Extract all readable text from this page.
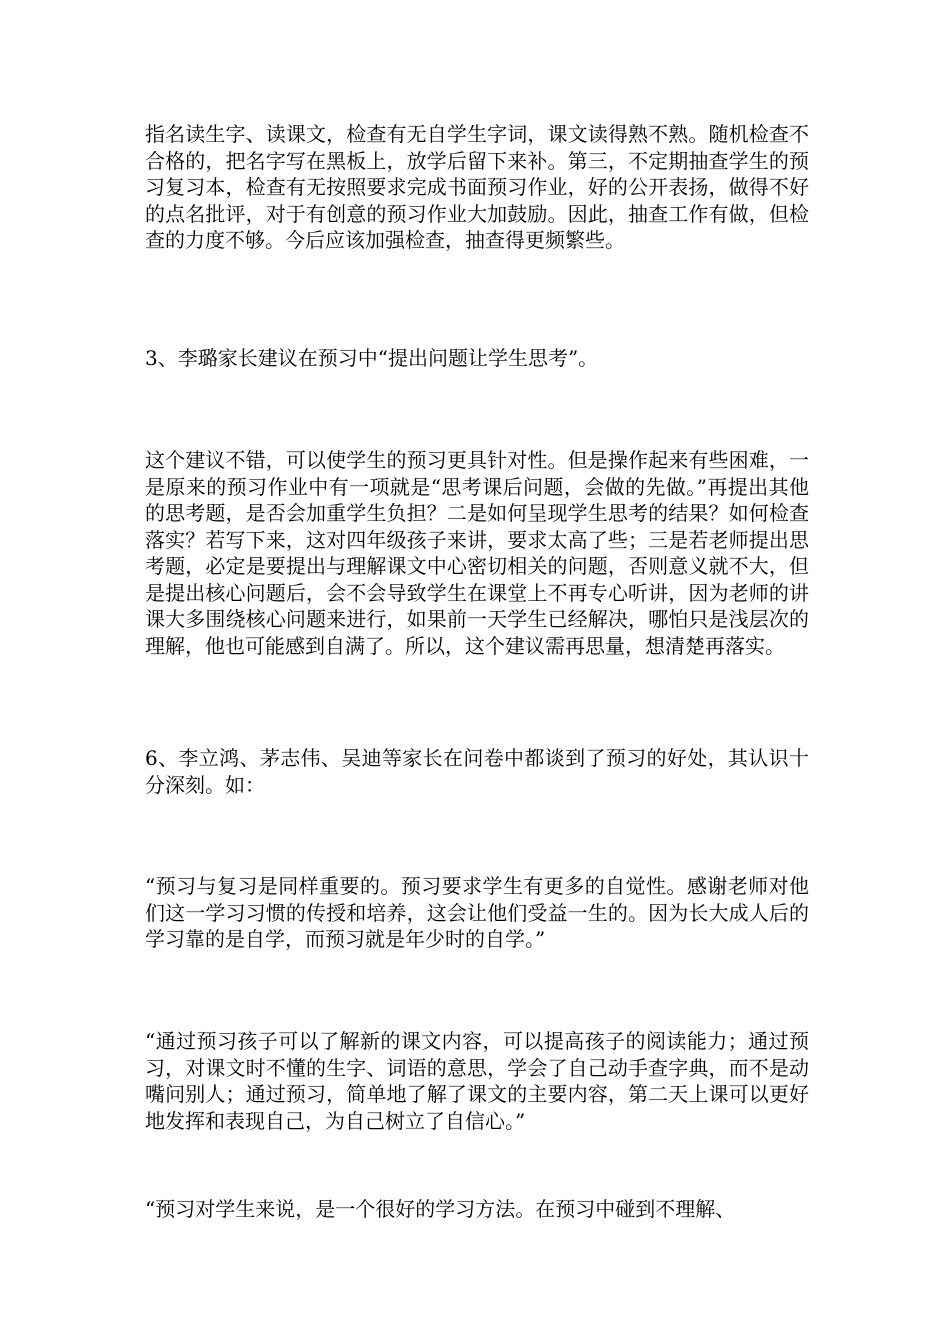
指名读生字、读课文，检查有无自学生字词，课文读得熟不熟。随机检查不合格的，把名字写在黑板上，放学后留下来补。第三，不定期抽查学生的预习复习本，检查有无按照要求完成书面预习作业，好的公开表扬，做得不好的点名批评，对于有创意的预习作业大加鼓励。因此，抽查工作有做，但检查的力度不够。今后应该加强检查，抽查得更频繁些。

3、李璐家长建议在预习中“提出问题让学生思考”。

这个建议不错，可以使学生的预习更具针对性。但是操作起来有些困难，一是原来的预习作业中有一项就是“思考课后问题，会做的先做。”再提出其他的思考题，是否会加重学生负担？二是如何呈现学生思考的结果？如何检查落实？若写下来，这对四年级孩子来讲，要求太高了些；三是若老师提出思考题，必定是要提出与理解课文中心密切相关的问题，否则意义就不大，但是提出核心问题后，会不会导致学生在课堂上不再专心听讲，因为老师的讲课大多围绕核心问题来进行，如果前一天学生已经解决，哪怕只是浅层次的理解，他也可能感到自满了。所以，这个建议需再思量，想清楚再落实。

6、李立鸿、茅志伟、吴迪等家长在问卷中都谈到了预习的好处，其认识十分深刻。如：

“预习与复习是同样重要的。预习要求学生有更多的自觉性。感谢老师对他们这一学习习惯的传授和培养，这会让他们受益一生的。因为长大成人后的学习靠的是自学，而预习就是年少时的自学。”

“通过预习孩子可以了解新的课文内容，可以提高孩子的阅读能力；通过预习，对课文时不懂的生字、词语的意思，学会了自己动手查字典，而不是动嘴问别人；通过预习，简单地了解了课文的主要内容，第二天上课可以更好地发挥和表现自己，为自己树立了自信心。”

“预习对学生来说，是一个很好的学习方法。在预习中碰到不理解、
